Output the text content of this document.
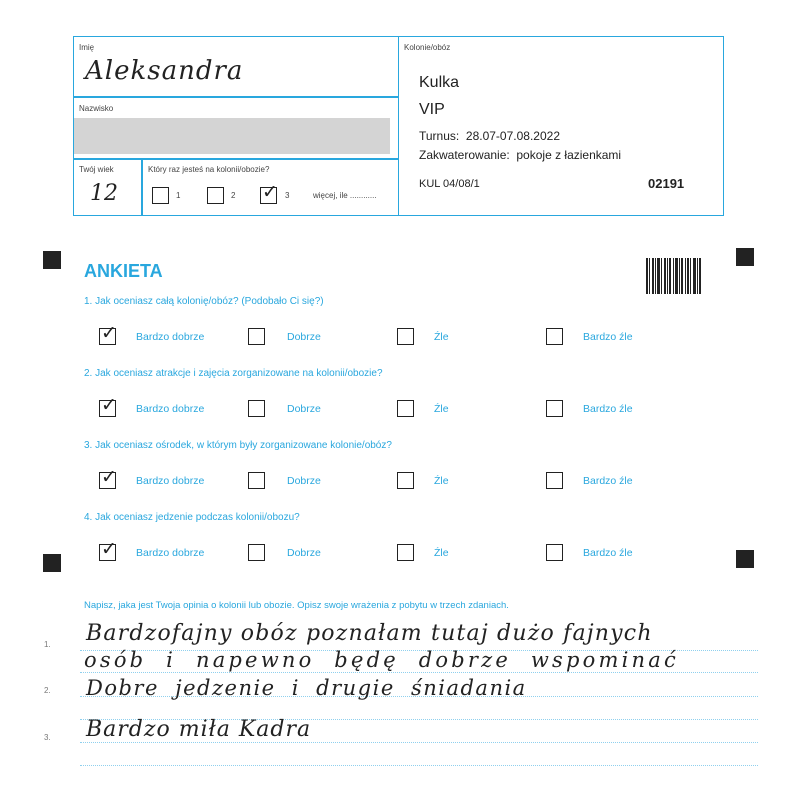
Imię
Aleksandra
Nazwisko
Twój wiek
12
Który raz jesteś na kolonii/obozie?
1	2 ✓ 3	więcej, ile ............
Kolonie/obóz
Kulka
VIP
Turnus:  28.07-07.08.2022
Zakwaterowanie:  pokoje z łazienkami
KUL 04/08/1	02191
ANKIETA
1. Jak oceniasz całą kolonię/obóz? (Podobało Ci się?)
✓ Bardzo dobrze	Dobrze	Źle	Bardzo źle
2. Jak oceniasz atrakcje i zajęcia zorganizowane na kolonii/obozie?
✓ Bardzo dobrze	Dobrze	Źle	Bardzo źle
3. Jak oceniasz ośrodek, w którym były zorganizowane kolonie/obóz?
✓ Bardzo dobrze	Dobrze	Źle	Bardzo źle
4. Jak oceniasz jedzenie podczas kolonii/obozu?
✓ Bardzo dobrze	Dobrze	Źle	Bardzo źle
Napisz, jaka jest Twoja opinia o kolonii lub obozie. Opisz swoje wrażenia z pobytu w trzech zdaniach.
1.
2.
3.
Bardzofajny obóz poznałam tutaj dużo fajnych
osób i napewno będę dobrze wspominać
Dobre jedzenie i drugie śniadania
Bardzo miła Kadra
